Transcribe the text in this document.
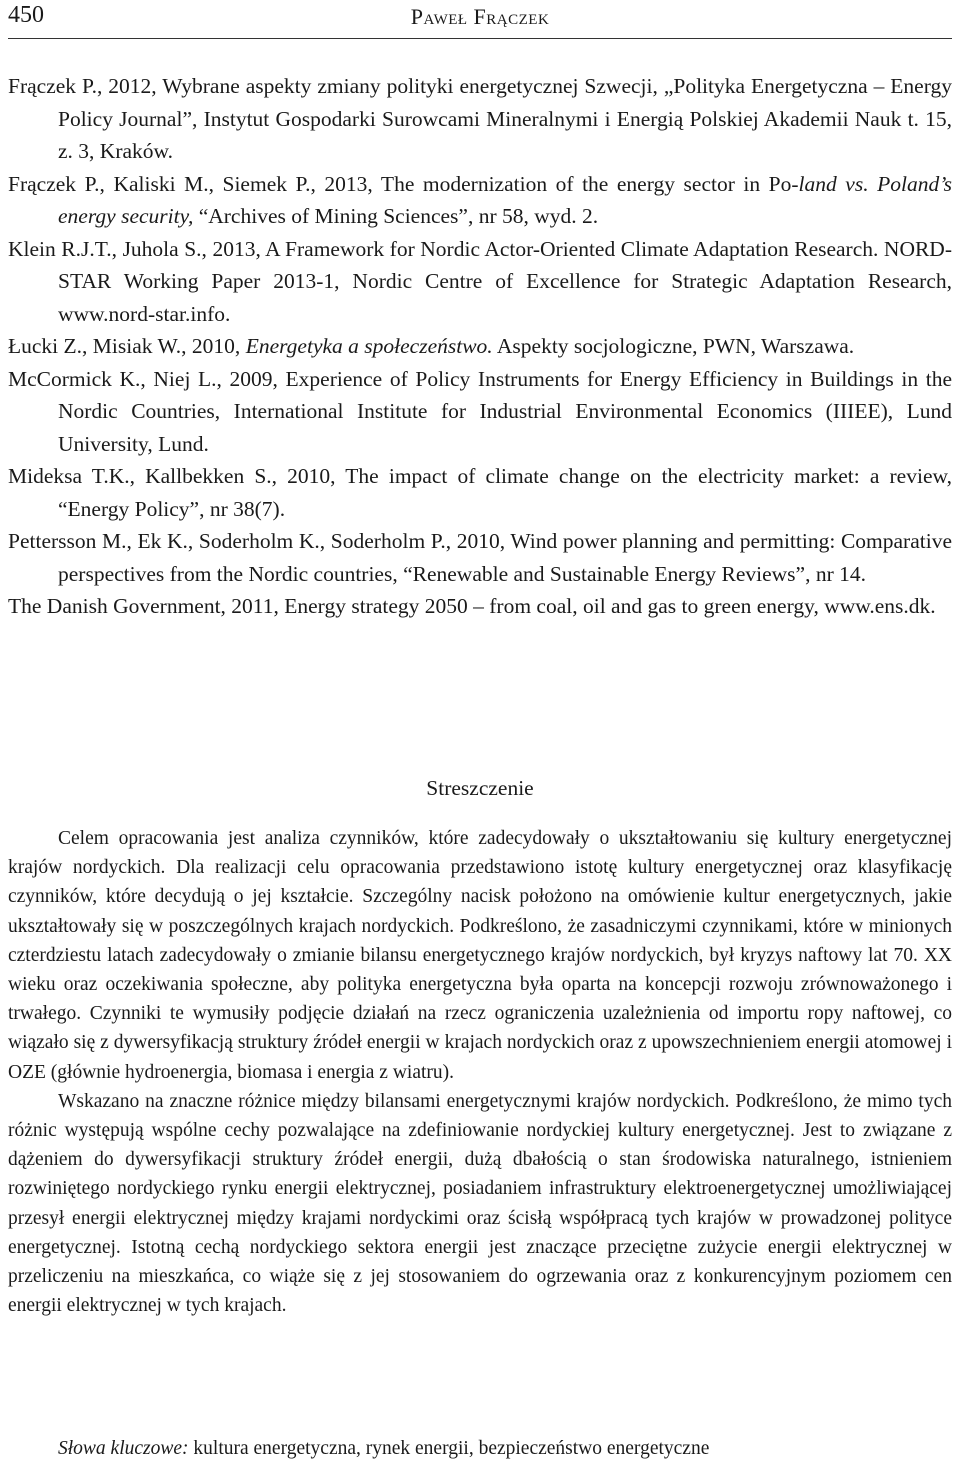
450	Paweł Frączek
Frączek P., 2012, Wybrane aspekty zmiany polityki energetycznej Szwecji, „Polityka Energetyczna – Energy Policy Journal”, Instytut Gospodarki Surowcami Mineralnymi i Energią Polskiej Akademii Nauk t. 15, z. 3, Kraków.
Frączek P., Kaliski M., Siemek P., 2013, The modernization of the energy sector in Po-land vs. Poland’s energy security, “Archives of Mining Sciences”, nr 58, wyd. 2.
Klein R.J.T., Juhola S., 2013, A Framework for Nordic Actor-Oriented Climate Adaptation Research. NORD-STAR Working Paper 2013-1, Nordic Centre of Excellence for Strategic Adaptation Research, www.nord-star.info.
Łucki Z., Misiak W., 2010, Energetyka a społeczeństwo. Aspekty socjologiczne, PWN, Warszawa.
McCormick K., Niej L., 2009, Experience of Policy Instruments for Energy Efficiency in Buildings in the Nordic Countries, International Institute for Industrial Environmental Economics (IIIEE), Lund University, Lund.
Mideksa T.K., Kallbekken S., 2010, The impact of climate change on the electricity market: a review, “Energy Policy”, nr 38(7).
Pettersson M., Ek K., Soderholm K., Soderholm P., 2010, Wind power planning and permitting: Comparative perspectives from the Nordic countries, “Renewable and Sustainable Energy Reviews”, nr 14.
The Danish Government, 2011, Energy strategy 2050 – from coal, oil and gas to green energy, www.ens.dk.
Streszczenie

Celem opracowania jest analiza czynników, które zadecydowały o ukształtowaniu się kultury energetycznej krajów nordyckich. Dla realizacji celu opracowania przedstawiono istotę kultury energetycznej oraz klasyfikację czynników, które decydują o jej kształcie. Szczególny nacisk położono na omówienie kultur energetycznych, jakie ukształtowały się w poszczególnych krajach nordyckich. Podkreślono, że zasadniczymi czynnikami, które w minionych czterdziestu latach zadecydowały o zmianie bilansu energetycznego krajów nordyckich, był kryzys naftowy lat 70. XX wieku oraz oczekiwania społeczne, aby polityka energetyczna była oparta na koncepcji rozwoju zrównoważonego i trwałego. Czynniki te wymusiły podjęcie działań na rzecz ograniczenia uzależnienia od importu ropy naftowej, co wiązało się z dywersyfikacją struktury źródeł energii w krajach nordyckich oraz z upowszechnieniem energii atomowej i OZE (głównie hydroenergia, biomasa i energia z wiatru).

Wskazano na znaczne różnice między bilansami energetycznymi krajów nordyckich. Podkreślono, że mimo tych różnic występują wspólne cechy pozwalające na zdefiniowanie nordyckiej kultury energetycznej. Jest to związane z dążeniem do dywersyfikacji struktury źródeł energii, dużą dbałością o stan środowiska naturalnego, istnieniem rozwiniętego nordyckiego rynku energii elektrycznej, posiadaniem infrastruktury elektroenergetycznej umożliwiającej przesył energii elektrycznej między krajami nordyckimi oraz ścisłą współpracą tych krajów w prowadzonej polityce energetycznej. Istotną cechą nordyckiego sektora energii jest znaczące przeciętne zużycie energii elektrycznej w przeliczeniu na mieszkańca, co wiąże się z jej stosowaniem do ogrzewania oraz z konkurencyjnym poziomem cen energii elektrycznej w tych krajach.

Słowa kluczowe: kultura energetyczna, rynek energii, bezpieczeństwo energetyczne
